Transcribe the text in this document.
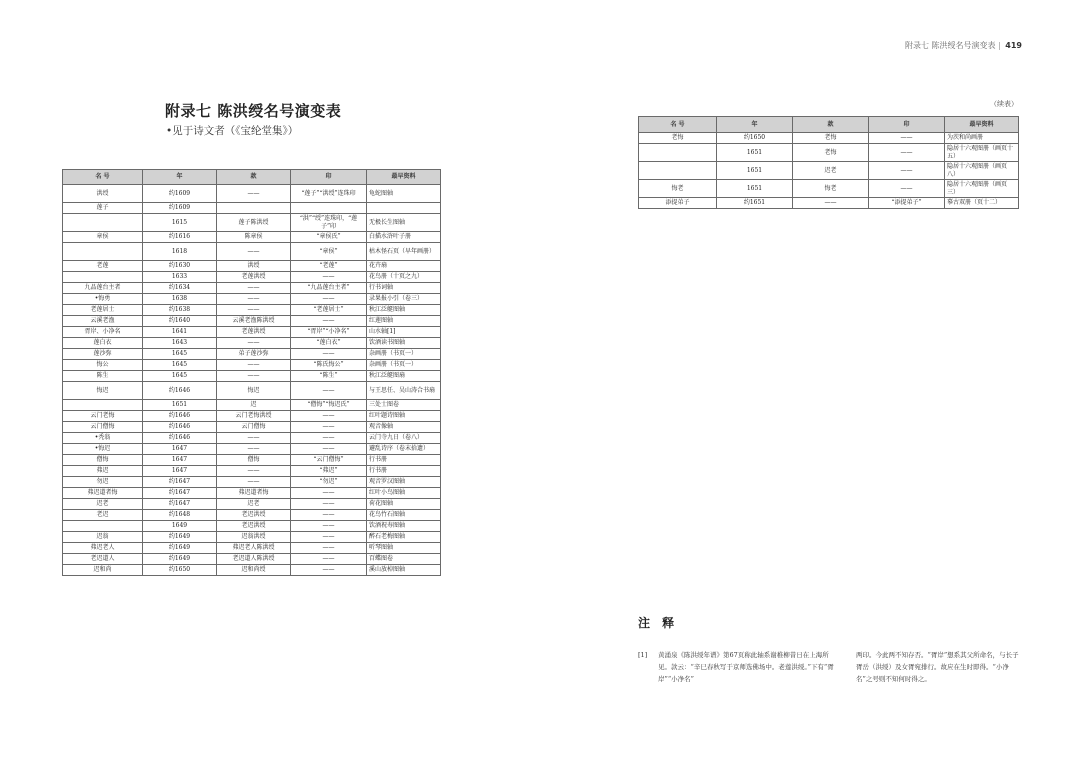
附录七 陈洪绶名号演变表 | 419
附录七 陈洪绶名号演变表
•见于诗文者（《宝纶堂集》）
名 号	年	款	印	最早资料
洪绶	约1609	——	“莲子”“洪绶”连珠印	龟蛇图轴
莲子	约1609			
	1615	莲子陈洪绶	“洪”“绶”连珠印，“莲子”印	无极长生图轴
章侯	约1616	陈章侯	“章侯氏”	白描水浒叶子册
	1618	——	“章侯”	枯木怪石页（早年画册）
老莲	约1630	洪绶	“老莲”	花卉扇
	1633	老莲洪绶	——	花鸟册（十页之九）
九品莲台主者	约1634	——	“九品莲台主者”	行书词轴
•悔勇	1638	——	——	录果报小引（卷三）
老莲居士	约1638	——	“老莲居士”	秋江泛艇图轴
云溪老渔	约1640	云溪老渔陈洪绶	——	红莲图轴
胥岸、小净名	1641	老莲洪绶	“胥岸”“小净名”	山水轴[1]
莲白衣	1643	——	“莲白衣”	饮酒读书图轴
莲沙弥	1645	弟子莲沙弥	——	杂画册（书页一）
悔公	1645	——	“陈氏悔公”	杂画册（书页一）
陈生	1645	——	“陈生”	秋江泛艇图扇
悔迟	约1646	悔迟	——	与王思任、吴山涛合书扇
	1651	迟	“僧悔”“悔迟氏”	三处士图卷
云门老悔	约1646	云门老悔洪绶	——	红叶题诗图轴
云门僧悔	约1646	云门僧悔	——	观音像轴
•秃翁	约1646	——	——	云门寺九日（卷八）
•悔迟	1647	——	——	避乱诗序（卷末拾遗）
僧悔	1647	僧悔	“云门僧悔”	行书册
弗迟	1647	——	“弗迟”	行书册
勿迟	约1647	——	“勿迟”	观音罗汉图轴
弗迟道者悔	约1647	弗迟道者悔	——	红叶小鸟图轴
迟老	约1647	迟老	——	荷花图轴
老迟	约1648	老迟洪绶	——	花鸟竹石图轴
	1649	老迟洪绶	——	饮酒祝寿图轴
迟翁	约1649	迟翁洪绶	——	醉石老梅图轴
弗迟老人	约1649	弗迟老人陈洪绶	——	听琴图轴
老迟道人	约1649	老迟道人陈洪绶	——	百蝶图卷
迟和尚	约1650	迟和尚绶	——	溪山放棹图轴
（续表）
名 号	年	款	印	最早资料
老悔	约1650	老悔	——	为茨和尚画册
	1651	老悔	——	隐居十六观图册（画页十五）
	1651	迟老	——	隐居十六观图册（画页八）
悔老	1651	悔老	——	隐居十六观图册（画页三）
添提弟子	约1651	——	“添提弟子”	摹古双册（页十二）
注 释
[1] 黄涌泉《陈洪绶年谱》第67页称此轴系谢稚柳昔日在上海所见。款云：“辛巳春秋写于京师选佛场中。老莲洪绶。”下有“胥岸”“小净名”
两印。今此两不知存否。“胥岸”想系其父所命名，与长子胥岳（洪绶）及女胥宛排行。故应在生时即得。“小净名”之号则不知何时得之。
